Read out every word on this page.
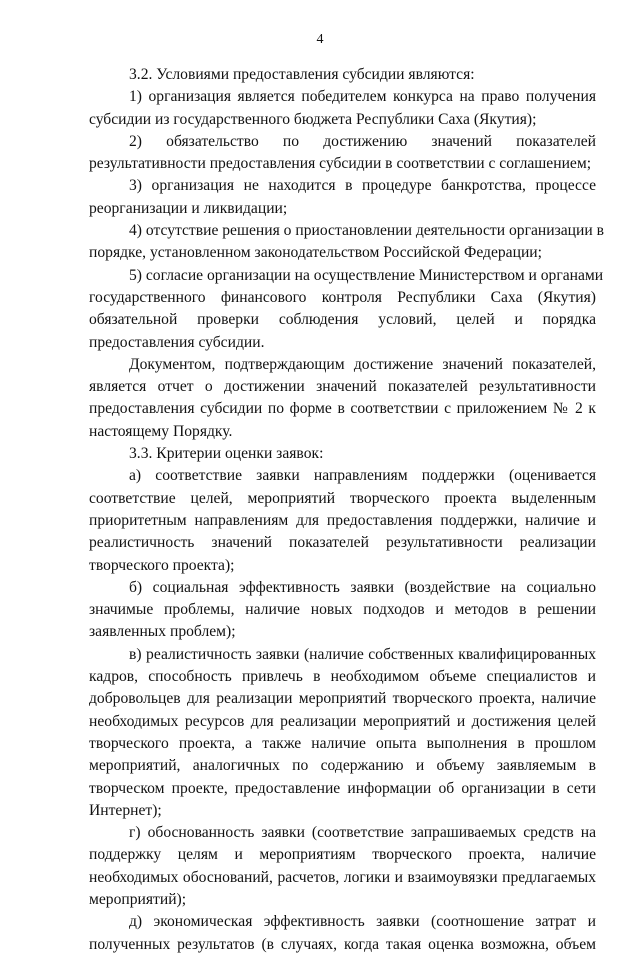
4
3.2. Условиями предоставления субсидии являются:
1) организация является победителем конкурса на право получения
субсидии из государственного бюджета Республики Саха (Якутия);
2) обязательство по достижению значений показателей
результативности предоставления субсидии в соответствии с соглашением;
3) организация не находится в процедуре банкротства, процессе
реорганизации и ликвидации;
4) отсутствие решения о приостановлении деятельности организации в
порядке, установленном законодательством Российской Федерации;
5) согласие организации на осуществление Министерством и органами
государственного финансового контроля Республики Саха (Якутия)
обязательной проверки соблюдения условий, целей и порядка
предоставления субсидии.
Документом, подтверждающим достижение значений показателей,
является отчет о достижении значений показателей результативности
предоставления субсидии по форме в соответствии с приложением № 2 к
настоящему Порядку.
3.3. Критерии оценки заявок:
а) соответствие заявки направлениям поддержки (оценивается
соответствие целей, мероприятий творческого проекта выделенным
приоритетным направлениям для предоставления поддержки, наличие и
реалистичность значений показателей результативности реализации
творческого проекта);
б) социальная эффективность заявки (воздействие на социально
значимые проблемы, наличие новых подходов и методов в решении
заявленных проблем);
в) реалистичность заявки (наличие собственных квалифицированных
кадров, способность привлечь в необходимом объеме специалистов и
добровольцев для реализации мероприятий творческого проекта, наличие
необходимых ресурсов для реализации мероприятий и достижения целей
творческого проекта, а также наличие опыта выполнения в прошлом
мероприятий, аналогичных по содержанию и объему заявляемым в
творческом проекте, предоставление информации об организации в сети
Интернет);
г) обоснованность заявки (соответствие запрашиваемых средств на
поддержку целям и мероприятиям творческого проекта, наличие
необходимых обоснований, расчетов, логики и взаимоувязки предлагаемых
мероприятий);
д) экономическая эффективность заявки (соотношение затрат и
полученных результатов (в случаях, когда такая оценка возможна, объем
